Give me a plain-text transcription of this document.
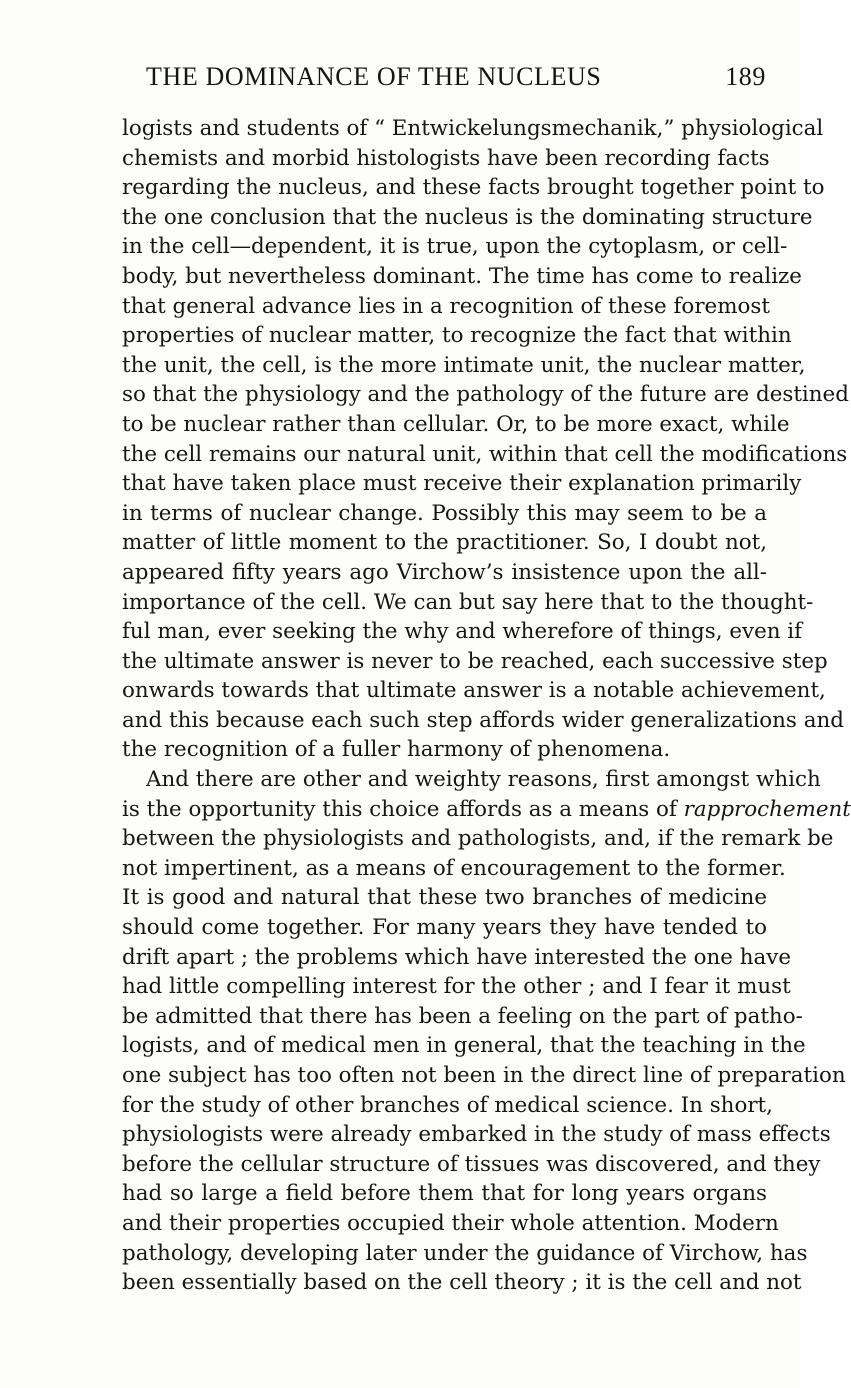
THE DOMINANCE OF THE NUCLEUS	189
logists and students of “ Entwickelungsmechanik,” physiological
chemists and morbid histologists have been recording facts
regarding the nucleus, and these facts brought together point to
the one conclusion that the nucleus is the dominating structure
in the cell—dependent, it is true, upon the cytoplasm, or cell-
body, but nevertheless dominant. The time has come to realize
that general advance lies in a recognition of these foremost
properties of nuclear matter, to recognize the fact that within
the unit, the cell, is the more intimate unit, the nuclear matter,
so that the physiology and the pathology of the future are destined
to be nuclear rather than cellular. Or, to be more exact, while
the cell remains our natural unit, within that cell the modifications
that have taken place must receive their explanation primarily
in terms of nuclear change. Possibly this may seem to be a
matter of little moment to the practitioner. So, I doubt not,
appeared fifty years ago Virchow’s insistence upon the all-
importance of the cell. We can but say here that to the thought-
ful man, ever seeking the why and wherefore of things, even if
the ultimate answer is never to be reached, each successive step
onwards towards that ultimate answer is a notable achievement,
and this because each such step affords wider generalizations and
the recognition of a fuller harmony of phenomena.
And there are other and weighty reasons, first amongst which
is the opportunity this choice affords as a means of rapprochement
between the physiologists and pathologists, and, if the remark be
not impertinent, as a means of encouragement to the former.
It is good and natural that these two branches of medicine
should come together. For many years they have tended to
drift apart ; the problems which have interested the one have
had little compelling interest for the other ; and I fear it must
be admitted that there has been a feeling on the part of patho-
logists, and of medical men in general, that the teaching in the
one subject has too often not been in the direct line of preparation
for the study of other branches of medical science. In short,
physiologists were already embarked in the study of mass effects
before the cellular structure of tissues was discovered, and they
had so large a field before them that for long years organs
and their properties occupied their whole attention. Modern
pathology, developing later under the guidance of Virchow, has
been essentially based on the cell theory ; it is the cell and not
